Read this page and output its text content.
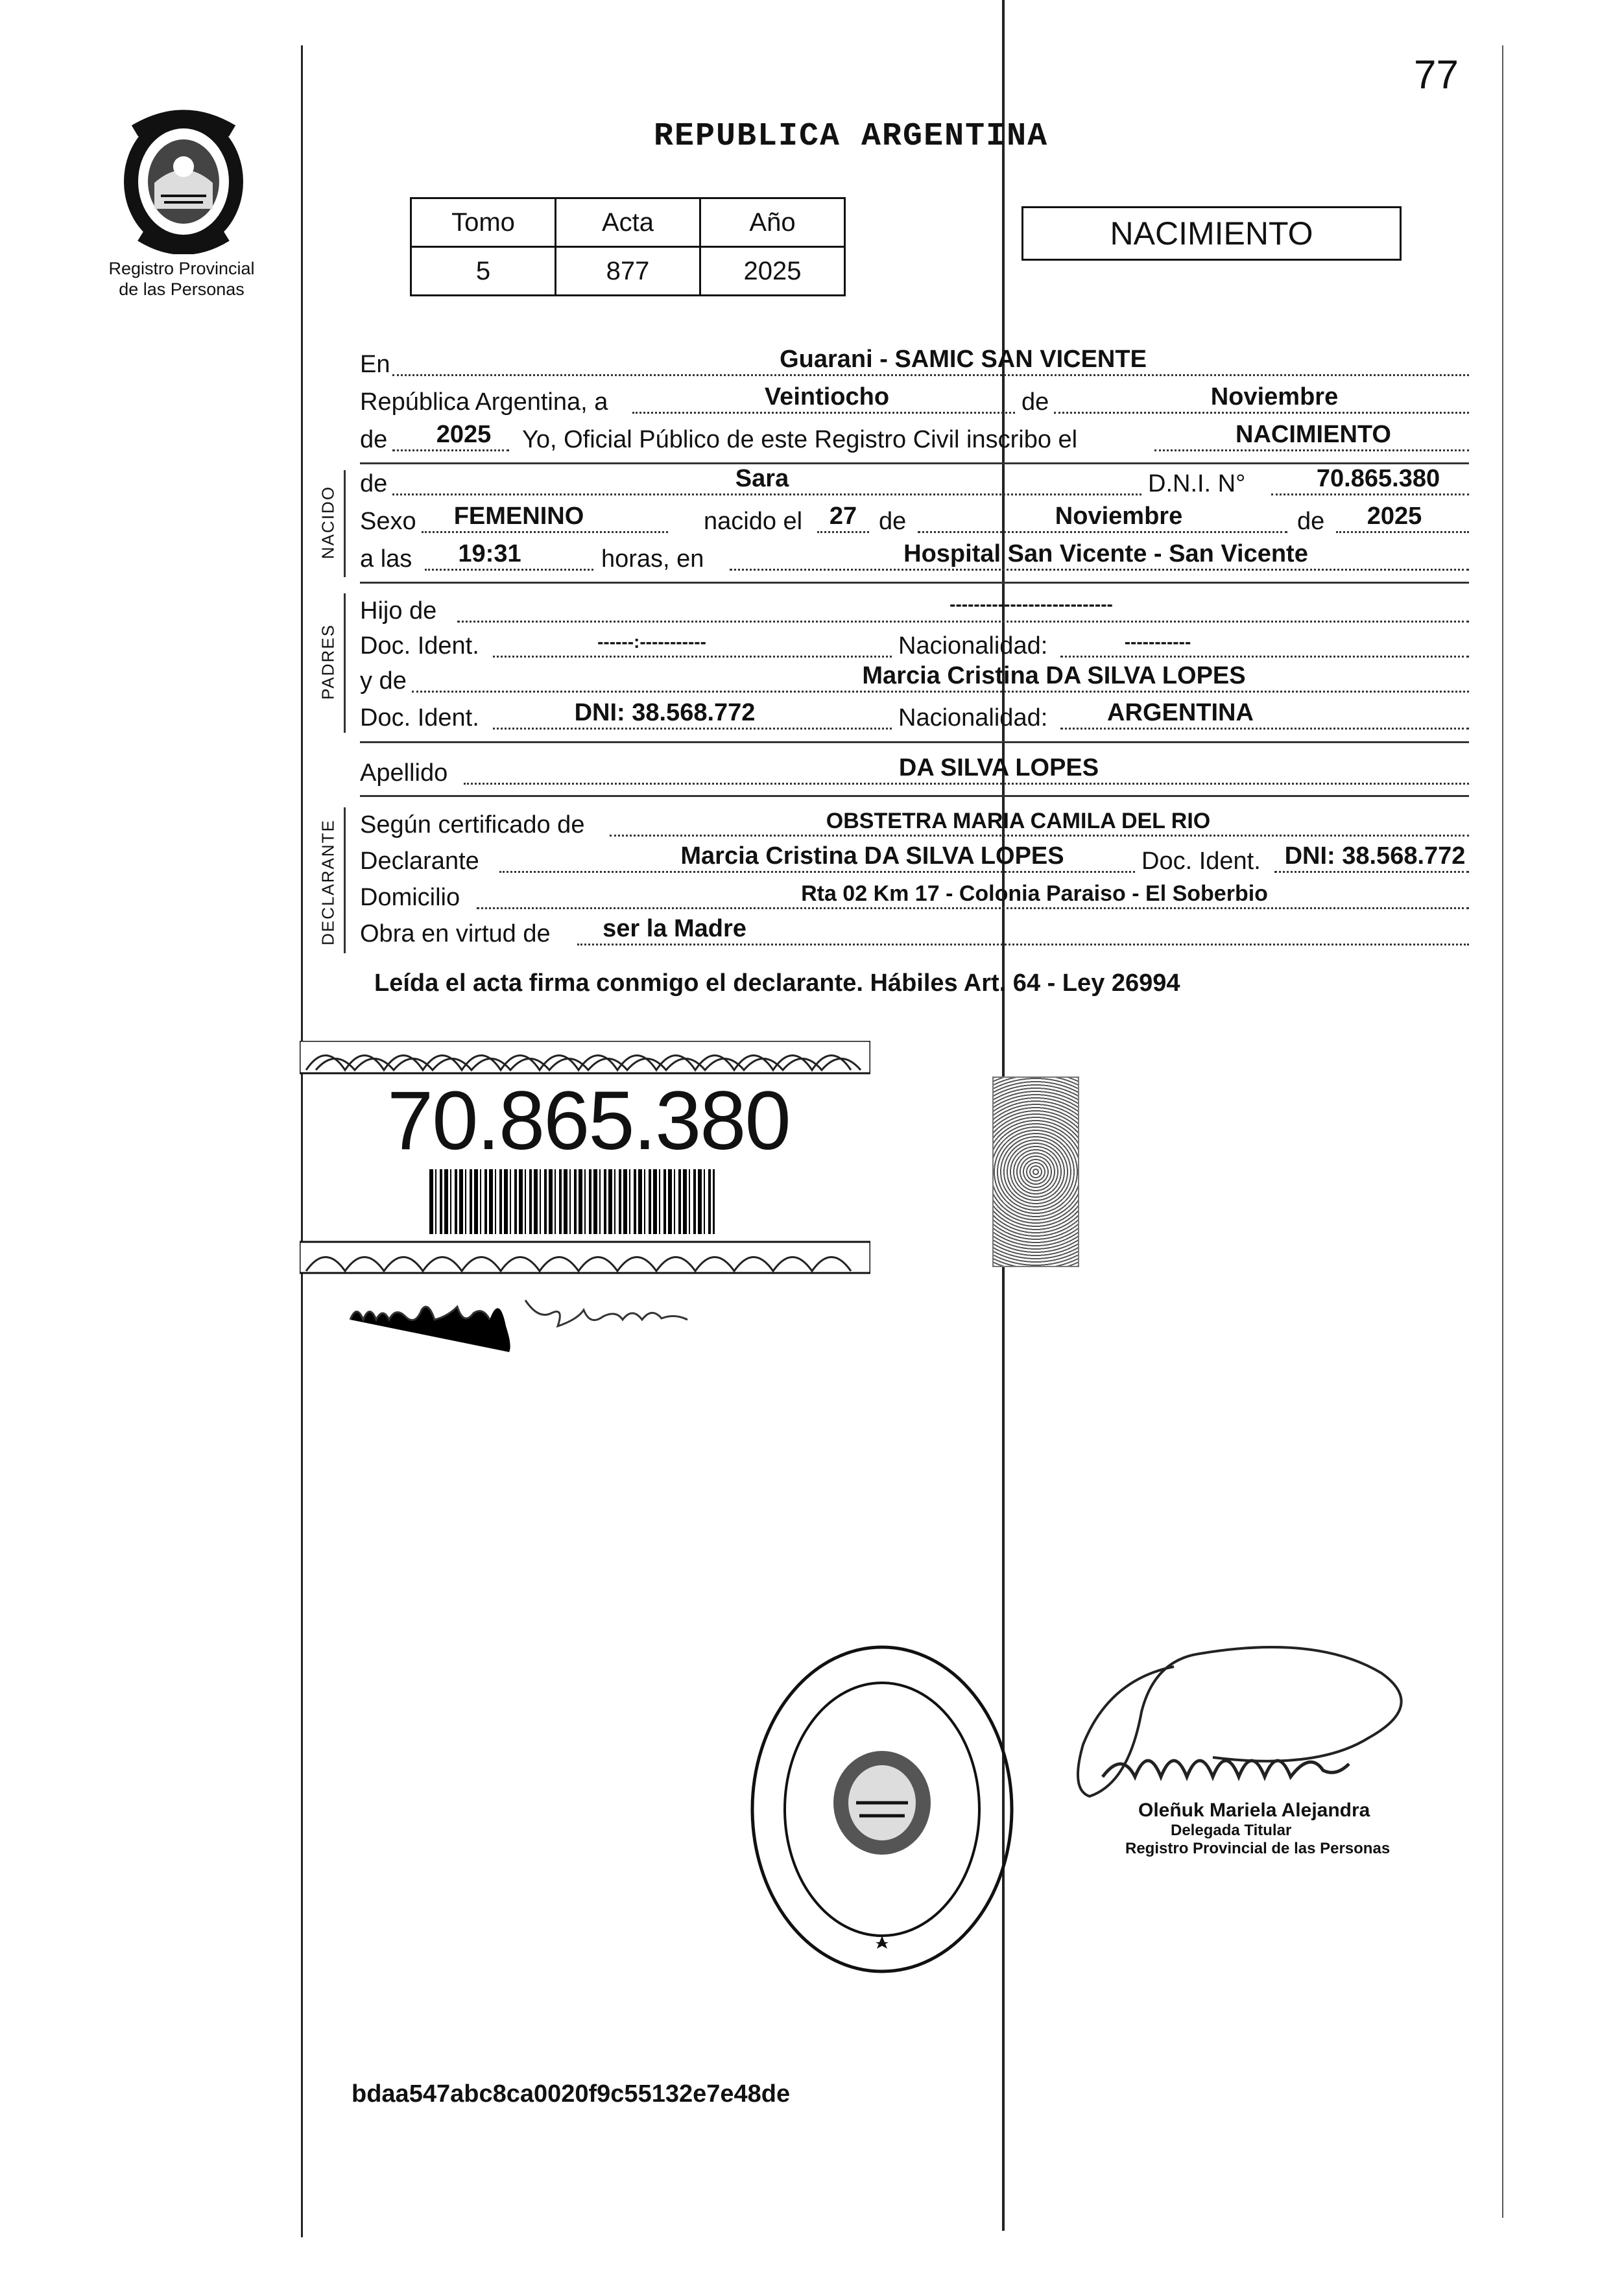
77
Registro Provincial
de las Personas
REPUBLICA ARGENTINA
Tomo	Acta	Año
5	877	2025
NACIMIENTO
En	Guarani - SAMIC SAN VICENTE
República Argentina, a	Veintiocho	de	Noviembre
de 2025 Yo, Oficial Público de este Registro Civil inscribo el	NACIMIENTO
NACIDO
de	Sara	D.N.I. N°	70.865.380
Sexo FEMENINO	nacido el 27 de	Noviembre	de 2025
a las 19:31	horas, en	Hospital San Vicente - San Vicente
PADRES
Hijo de	---------------------------
Doc. Ident.	------:-----------	Nacionalidad:	-----------
y de	Marcia Cristina DA SILVA LOPES
Doc. Ident.	DNI: 38.568.772	Nacionalidad: ARGENTINA
Apellido	DA SILVA LOPES
DECLARANTE Según certificado de	OBSTETRA MARIA CAMILA DEL RIO
Declarante	Marcia Cristina DA SILVA LOPES	Doc. Ident. DNI: 38.568.772
Domicilio	Rta 02 Km 17 - Colonia Paraiso - El Soberbio
Obra en virtud de ser la Madre
Leída el acta firma conmigo el declarante. Hábiles Art. 64 - Ley 26994
70.865.380
Oleñuk Mariela Alejandra
Delegada Titular
Registro Provincial de las Personas
bdaa547abc8ca0020f9c55132e7e48de
